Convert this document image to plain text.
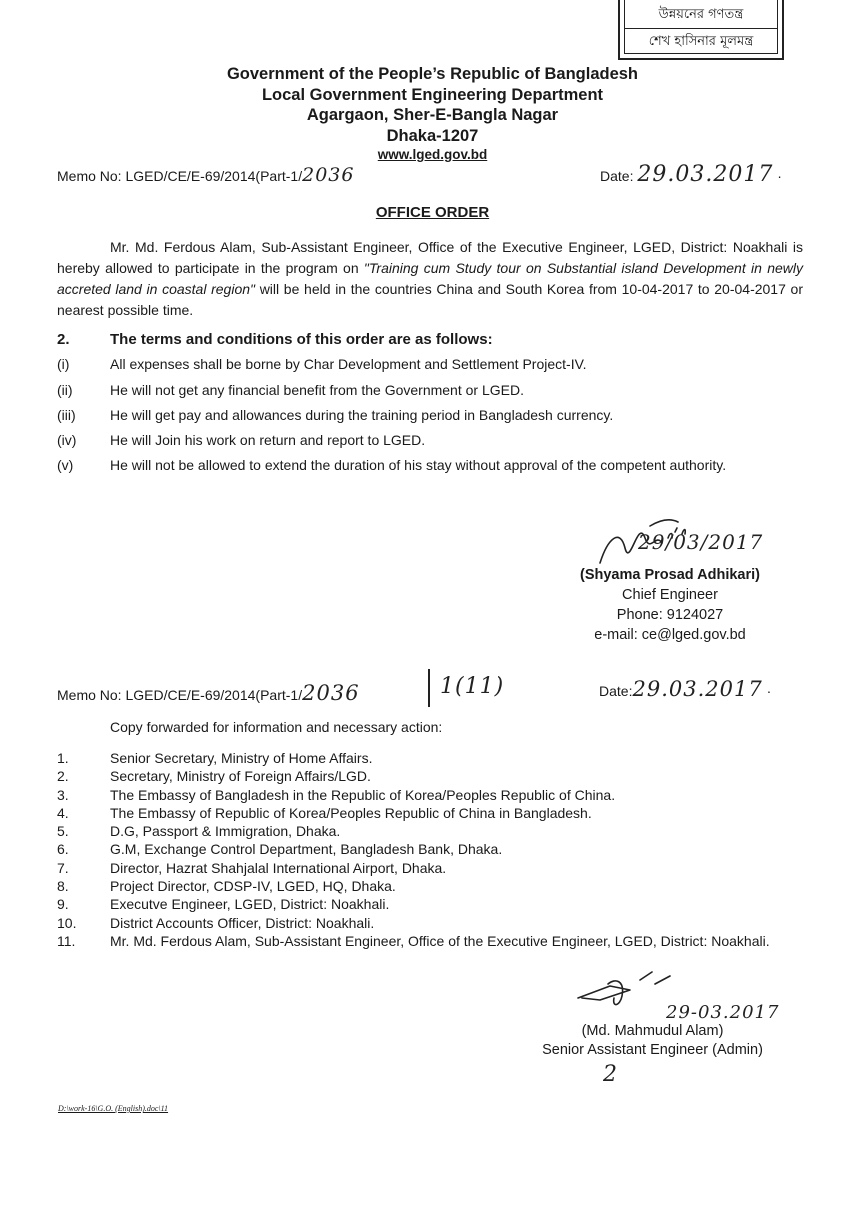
উন্নয়নের গণতন্ত্র
শেখ হাসিনার মূলমন্ত্র
Government of the People’s Republic of Bangladesh
Local Government Engineering Department
Agargaon, Sher-E-Bangla Nagar
Dhaka-1207
www.lged.gov.bd
Memo No: LGED/CE/E-69/2014(Part-1/2036	Date: 29.03.2017 ·
OFFICE ORDER
Mr. Md. Ferdous Alam, Sub-Assistant Engineer, Office of the Executive Engineer, LGED, District: Noakhali is hereby allowed to participate in the program on "Training cum Study tour on Substantial island Development in newly accreted land in coastal region" will be held in the countries China and South Korea from 10-04-2017 to 20-04-2017 or nearest possible time.
2.	The terms and conditions of this order are as follows:
(i)	All expenses shall be borne by Char Development and Settlement Project-IV.
(ii)	He will not get any financial benefit from the Government or LGED.
(iii) He will get pay and allowances during the training period in Bangladesh currency.
(iv) He will Join his work on return and report to LGED.
(v)	He will not be allowed to extend the duration of his stay without approval of the competent authority.
29/03/2017
(Shyama Prosad Adhikari)
Chief Engineer
Phone: 9124027
e-mail: ce@lged.gov.bd
Memo No: LGED/CE/E-69/2014(Part-1/2036	1(11)	Date:29.03.2017 ·
Copy forwarded for information and necessary action:
1.	Senior Secretary, Ministry of Home Affairs.
2.	Secretary, Ministry of Foreign Affairs/LGD.
3.	The Embassy of Bangladesh in the Republic of Korea/Peoples Republic of China.
4.	The Embassy of Republic of Korea/Peoples Republic of China in Bangladesh.
5.	D.G, Passport & Immigration, Dhaka.
6.	G.M, Exchange Control Department, Bangladesh Bank, Dhaka.
7.	Director, Hazrat Shahjalal International Airport, Dhaka.
8.	Project Director, CDSP-IV, LGED, HQ, Dhaka.
9.	Executve Engineer, LGED, District: Noakhali.
10. District Accounts Officer, District: Noakhali.
11. Mr. Md. Ferdous Alam, Sub-Assistant Engineer, Office of the Executive Engineer, LGED, District: Noakhali.
29-03.2017
(Md. Mahmudul Alam)
Senior Assistant Engineer (Admin)
2
D:\work-16\G.O. (English).doc\11
